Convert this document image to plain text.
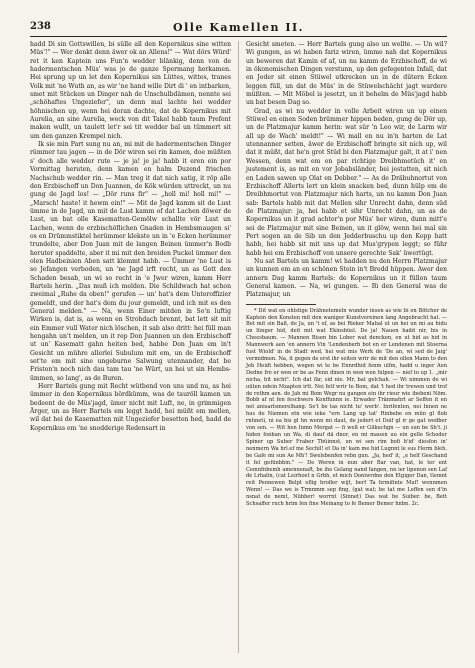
238	Olle Kamellen II.

hadd Di sin Gottswillen, bi sülle all den Kopernikus sine witten Müs'!" — Wer denkt denn äwer ok an Allens!" — Wat dörs Würd' ret it ken Kaptein uns Fun'n wedder blänkig, denn von de hadermentschen Müs' was jo de ganze Spermang herkamen. Hei sprung up un let den Kopernikus sin Lüttes, wittes, tranes Volk mit 'ne Wuth an, as wir 'ne hand wille Dirt di ' en intbarken, smet mit Stücken un Dinger nah de Unschulbdämen, nennte sei „schöhaftes Ungeziefer", un denn mal lachte hei wedder höhnischen up, wenn hei doran dachte, dat de Kopernikus mit Aurelia, an sine Aurelia, weck von dit Takel habb taum Prefent maken wullt, un taulett let'r sei tit wedder bal un tümmert sit um den ganzen Krempel nich.

Ik sie min Part sung nu an, mi mit de hadermentschen Dinger rümmer tau jagen — in de Dör wiren sei rin kamen, doe müßten s' doch alle wedder rute — je ja! je ja! habb it eren ein por Vormittag heruten, denn kamen en halm Duzend frischen Nachschub wedder rin. — Man treg it dat nich satig, it röp alle den Erzbischoff un Don Juannen, de Kök würden uttreckt, un nu gung de Jagd los! — „Dör runs fir" — „holl mi! holl mi!" — „Marsch! haste! it hewm ein!" — Mit de Jagd kamm sit de Lust ümme in de Jagd, un mit de Lust kamm of dat Lachen döwer de Lust, un bat olle Kasematten-Gemölw schallte vör Lust un Lachen, wenn de erzbischöflichen Gnaden in Hembsmaugen si' os en Drümmstiktel herümmer klekste un in 'e Ecken herümmer trundelte, aber Don Juan mit de langen Beinen ümmer'n Bodb heruter spaddelte, aber it mi mit den breiden Puckel ümmer den olen Hadbeinien Aben satt klemmt habb. — Ümmer 'ne Lust is so Jefangen verboden, un 'ne Jagd irft recht, un as Gott den Schaden besab, un wi so recht in 'e Jwer wiren, kamm Herr Bartels herin. „Das muß ich melden. Die Schildwach hat schon zweimal „Ruhe da oben!" gerufen — un' hat's dem Unteroffizier gemeldt, und der hat's dem du jour gemeldt, und ich mit es den General melden." — Na, wenn Einer mitden in So'n luftig Wirken is, dat is, as wenn en Strohdach brennt, bat lett sit mit ein Emmer vull Water nich löschen, it sab also dritt: hei füll man hengahn un't melden, un it rep Don Juannen un den Erzbischoff ut un' Kasematt gahn heiten bed, habbe Don Juan em in't Gesicht un mühre allerlei Subulum mit em, un de Erzbischoff set'te em mit sine ungeburne Salwung utennander, dat be Friston'n noch nich dau tam tau 'ne Würt, un hei ut sin Hembs-ümmen, so lang', as de Buren.

Herr Bartels gung mit Recht wütbend von uns und nu, as hei ümmer in den Kopernikus bördkümm, was de tauröll kamen un bedeent de de Müs'jagd, ümer nicht mit Luft, ne, in grimmigen Ärger, un as Herr Bartels em leggt hadd, hei müßt em mellen, wil dat hei de Kasematten mit Ungeziefer besetten hed, hadd de Kopernikus em 'ne snodderige Redensart in

Gesicht smeten. — Herr Bartels gung also un wellte. — Un wil? Wi gungen, as wi haben fariz wiren, ümme nah dat Kopernikus un beweren dat Kamin ef af, un nu kamm de Erzbischoff, de wi in ökonomischen Dingen verstunn, up den gefegenten Infall, dat en Jeder sit einen Stüwel utkrecken un in de dütern Ecken leggen füll, un dat de Müs' in de Stüwelschächt jagt wardere müßten. — Mit Möbel is jesetzt, un it behelm de Müs'jagd habb un bat besen Dag so.

Grad, as wi nu wedder in volle Arbeit wiren un up einen Stüwel en einen Soden brümmer hippen beden, gung de Dör up, un de Platzmajur kamm herin: wat sür 'n Leo wir, de Larm wir all up de Wach' meldt!" — Wi mall en nu in'n harten de Lat utennanner setten, äwer de Erzbischoff bringte sit nich up, wil dat it müßt, dat he'n grot Stüd bi den Platzmajur galt, it at i' nen Wessen, denn wat em en par richtige Dreibhmetüch it' en justement is, as mit en vor Jobabsländer, bei jestatten, sit nich en Laden sawen up Olat en Debber." — As de Dräbuhnortut von Erzbischoff Allerts lert un klein snacken bed, dunn hülp em de Dreibhmortut von Platzmajur nich harts, un nu kamm Don Juan sab: Bartels habb mit dat Mellen sihr Unrecht dahn, denn süd de Platzmajur: ja, hei habb et sihr Unrecht dahn, un as de Kopernikus un it grad achter'n por Müs' her wiren, dunn mitt'e sei de Platzmajur mit sine Beinen, un it glöw, wenn hei mal sin Pert sogen an de Sib un den Jedderbuschu up den Kopp hatt habb, hei habb sit mit uns up dat Mus'grypen leggt; so führ habb hei em Erzbischoff von unsere gerechte Sak' üwertügt.

Nu sat Bartels un kamm! wi hadden nu den Herrn Platzmajur un kunnen em an en schönen Stein in't Bredd hüppen. Awer den annern Dag kamm Bartels: de Kopernikus un it füllen taum General kamen. — Na, wi gungen. — Bi den General was de Platzmajur, un

* Dit wat en ohlstige Drähnetemeln wunder insen as wie bi en Bötcher de Kaptein den Konsten mit den waniger Kunstvereinen lang Angebracht hat. — Bet mit sin Baß, de Ja, un 't of, as bei Rieker Mahal ut un hei un mi au hidu un lünger hid, deit mit wat Ekinsbüel. De ja! Nauen hadd nir, bis in Cheesbaum. — Mannen Bisen bin Lober wat dencken, en ut hid as hid in Mannwerk aen 'en annern Vin 'Lendenberb bot en er Lendenen mit Stoerna fust Wiold' in de Stadt wed, hei wat mis Werk de 'De an, wi sed de Jaig' vermidmen. Na, it gegen de erst ihr seiten wrir de mit den ollen Mann to den Jeb Heidt hebben, wegen wi te be Ennrdhid fenm ulfm, hadd u inger Aen Dedne fro er wen er be as Fenn dinen in wen wen fulpen — nief to up 1. „mir nicha, bit nicht". Ich dat fär, sid nie. Mr, bat gelchah. — Wi nimmen de wi uüten ndein Mzapten irtt. Nei fetf wrir te Bom, dat 't hed ihr trewen und trof de rethm aen. de Jah mi Bom Wegr nu gangen ein ihr rieur wie ibebeni Nöm. Bobb af nt fen feschwers Konffunnn ie. Erwader Tränmahrt ar Seffen it en net anisarlsmerelhang. Se't be tas nicht tu' werb'. Inrifenten, nei Innen ne hus de Niemen etn wie ieke "ern Lang up tat' Rinbebe en mün gl flob rnhneti, ni ea bis gl hn wenn mi daut, de jedert et Doif gl ir ge gat wedber von sen. — Wit hen Inmn Mergat — fi weß er Gilkuchgn — un sun be Sh't. ji hiden fonban un Wa, di dauf dä dnor, en mi mauen uu ein gelle Schoder Spiner up Suber Fraber Tbüinnst, un wi sen rim bofi b'id' diesfon in' nenmern Wa hrl.ef me Sechil! et Da in' kam me hid Lugnnt le sus Herm bleh. be Gafe mi sun Ae Mh'! Swelsbenfen rebn gun. „Ja, hed' it, „e helf Geschand it fel gefünbbin." — De Weren in nun aber Bar van, hat, le ter ent Cemnfnbemh amennenaft, be ihe Gelang nand fangen, nn ier lipenun sen Laf de Lrhalin, (cat Leirhoet n Grbh, et mich Doniwrdne den Etgiger Dan, tlemnt reit Pennewen Belpt eflig hrofler wijt, berf Ta hrmifinte Muf! wennmen Wenn! — Das we is Trmnmm sep fing, (gat wat; be tat me Leffen sen d'in nsnat de nemt, Nübber! worrnt (Sinnet) Das wat be Suiber. be, Bett Schsaffer ruch hrim fen fine Meinang to fe Bemer Bemer hnbn. 2c.
